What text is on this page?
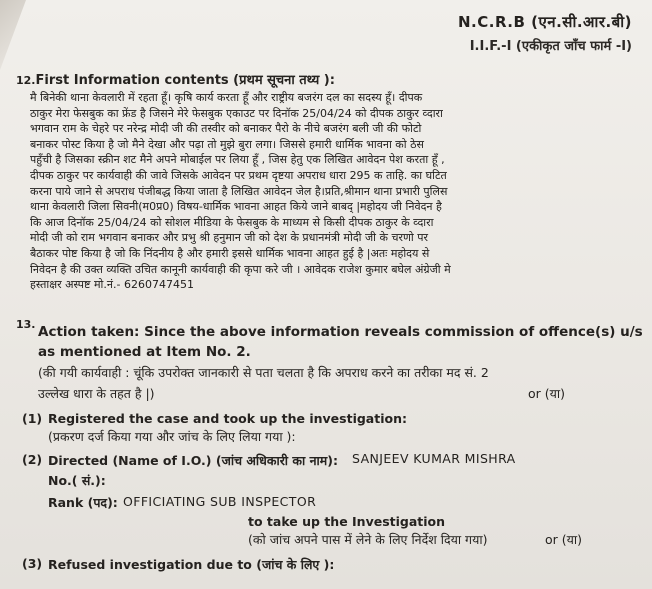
N.C.R.B (एन.सी.आर.बी)
I.I.F.-I (एकीकृत जाँच फार्म -I)
12.First Information contents (प्रथम सूचना तथ्य ):
मै बिनेकी थाना केवलारी में रहता हूँ। कृषि कार्य करता हूँ और राष्ट्रीय बजरंग दल का सदस्य हूँ। दीपक
ठाकुर मेरा फेसबुक का फ्रेंड है जिसने मेरे फेसबुक एकाउट पर दिनॉक 25/04/24 को दीपक ठाकुर व्दारा
भगवान राम के चेहरे पर नरेन्द्र मोदी जी की तस्वीर को बनाकर पैरो के नीचे बजरंग बली जी की फोटो
बनाकर पोस्ट किया है जो मैने देखा और पढ़ा तो मुझे बुरा लगा। जिससे हमारी धार्मिक भावना को ठेस
पहुँची है जिसका स्क्रीन शट मैने अपने मोबाईल पर लिया हूँ , जिस हेतु एक लिखित आवेदन पेश करता हूँ ,
दीपक ठाकुर पर कार्यवाही की जावे जिसके आवेदन पर प्रथम दृष्टया अपराध धारा 295 क ताहि. का घटित
करना पाये जाने से अपराध पंजीबद्ध किया जाता है लिखित आवेदन जेल है।प्रति,श्रीमान थाना प्रभारी पुलिस
थाना केवलारी जिला सिवनी(म0प्र0) विषय-धार्मिक भावना आहत किये जाने बाबद् |महोदय जी निवेदन है
कि आज दिनॉक 25/04/24 को सोशल मीडिया के फेसबुक के माध्यम से किसी दीपक ठाकुर के व्दारा
मोदी जी को राम भगवान बनाकर और प्रभु श्री हनुमान जी को देश के प्रधानमंत्री मोदी जी के चरणो पर
बैठाकर पोष्ट किया है जो कि निंदनीय है और हमारी इससे धार्मिक भावना आहत हुई है |अतः महोदय से
निवेदन है की उक्त व्यक्ति उचित कानूनी कार्यवाही की कृपा करे जी । आवेदक राजेश कुमार बघेल अंग्रेजी मे
हस्ताक्षर अस्पष्ट मो.नं.- 6260747451
13. Action taken: Since the above information reveals commission of offence(s) u/s
as mentioned at Item No. 2.
(की गयी कार्यवाही : चूंकि उपरोक्त जानकारी से पता चलता है कि अपराध करने का तरीका मद सं. 2
उल्लेख धारा के तहत है |)	or (या)
(1) Registered the case and took up the investigation:
(प्रकरण दर्ज किया गया और जांच के लिए लिया गया ):
(2) Directed (Name of I.O.) (जांच अधिकारी का नाम): SANJEEV KUMAR MISHRA
No.( सं.):
Rank (पद): OFFICIATING SUB INSPECTOR
to take up the Investigation
(को जांच अपने पास में लेने के लिए निर्देश दिया गया)	or (या)
(3) Refused investigation due to (जांच के लिए ):
